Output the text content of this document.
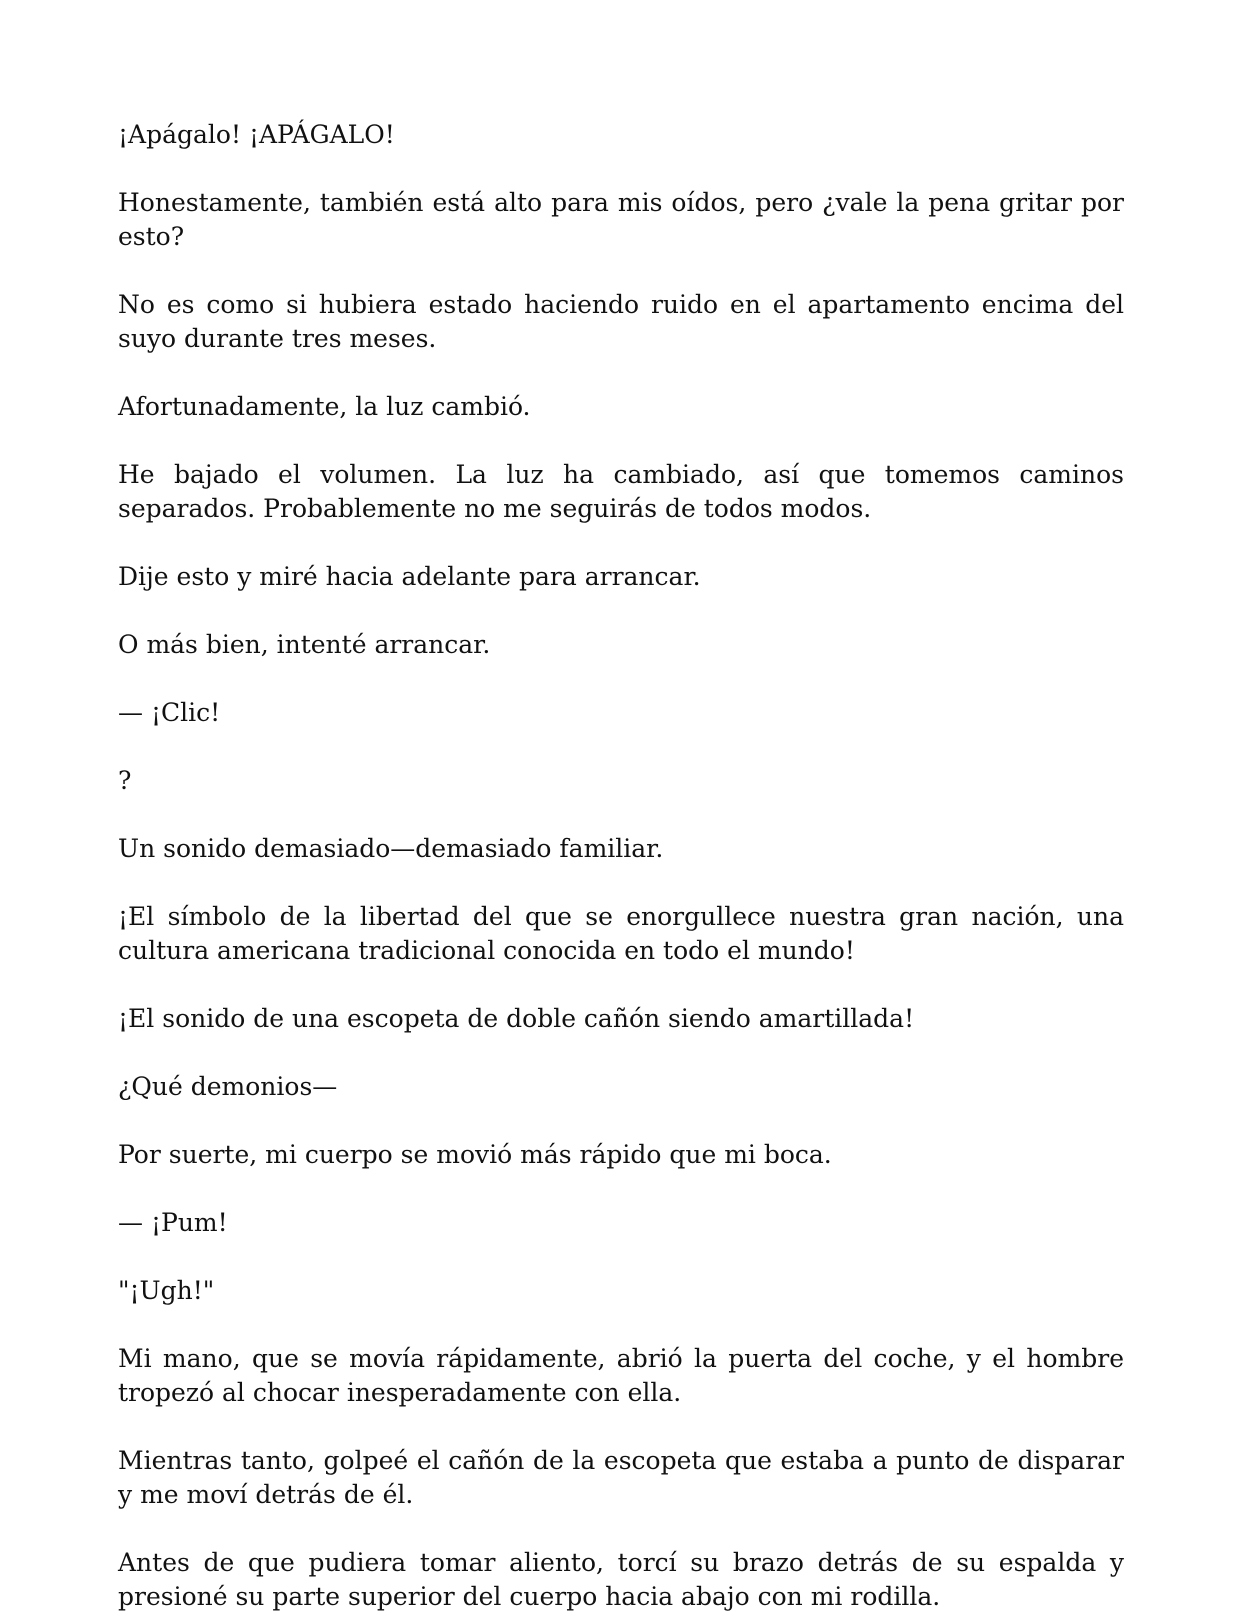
¡Apágalo! ¡APÁGALO!

Honestamente, también está alto para mis oídos, pero ¿vale la pena gritar por esto?

No es como si hubiera estado haciendo ruido en el apartamento encima del suyo durante tres meses.

Afortunadamente, la luz cambió.

He bajado el volumen. La luz ha cambiado, así que tomemos caminos separados. Probablemente no me seguirás de todos modos.

Dije esto y miré hacia adelante para arrancar.

O más bien, intenté arrancar.

— ¡Clic!

?

Un sonido demasiado—demasiado familiar.

¡El símbolo de la libertad del que se enorgullece nuestra gran nación, una cultura americana tradicional conocida en todo el mundo!

¡El sonido de una escopeta de doble cañón siendo amartillada!

¿Qué demonios—

Por suerte, mi cuerpo se movió más rápido que mi boca.

— ¡Pum!

"¡Ugh!"

Mi mano, que se movía rápidamente, abrió la puerta del coche, y el hombre tropezó al chocar inesperadamente con ella.

Mientras tanto, golpeé el cañón de la escopeta que estaba a punto de disparar y me moví detrás de él.

Antes de que pudiera tomar aliento, torcí su brazo detrás de su espalda y presioné su parte superior del cuerpo hacia abajo con mi rodilla.
